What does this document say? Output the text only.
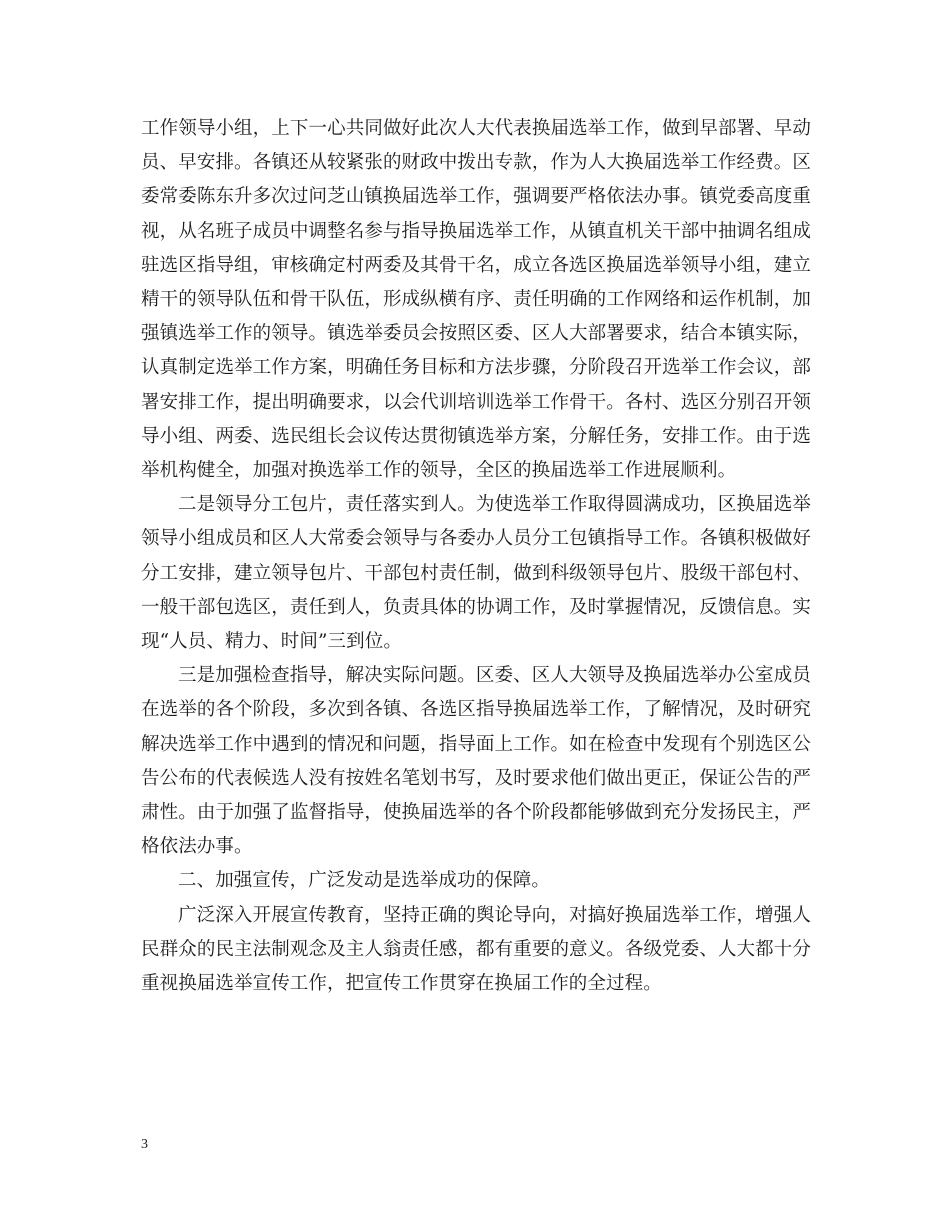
工作领导小组，上下一心共同做好此次人大代表换届选举工作，做到早部署、早动员、早安排。各镇还从较紧张的财政中拨出专款，作为人大换届选举工作经费。区委常委陈东升多次过问芝山镇换届选举工作，强调要严格依法办事。镇党委高度重视，从名班子成员中调整名参与指导换届选举工作，从镇直机关干部中抽调名组成驻选区指导组，审核确定村两委及其骨干名，成立各选区换届选举领导小组，建立精干的领导队伍和骨干队伍，形成纵横有序、责任明确的工作网络和运作机制，加强镇选举工作的领导。镇选举委员会按照区委、区人大部署要求，结合本镇实际，认真制定选举工作方案，明确任务目标和方法步骤，分阶段召开选举工作会议，部署安排工作，提出明确要求，以会代训培训选举工作骨干。各村、选区分别召开领导小组、两委、选民组长会议传达贯彻镇选举方案，分解任务，安排工作。由于选举机构健全，加强对换选举工作的领导，全区的换届选举工作进展顺利。

二是领导分工包片，责任落实到人。为使选举工作取得圆满成功，区换届选举领导小组成员和区人大常委会领导与各委办人员分工包镇指导工作。各镇积极做好分工安排，建立领导包片、干部包村责任制，做到科级领导包片、股级干部包村、一般干部包选区，责任到人，负责具体的协调工作，及时掌握情况，反馈信息。实现“人员、精力、时间”三到位。

三是加强检查指导，解决实际问题。区委、区人大领导及换届选举办公室成员在选举的各个阶段，多次到各镇、各选区指导换届选举工作，了解情况，及时研究解决选举工作中遇到的情况和问题，指导面上工作。如在检查中发现有个别选区公告公布的代表候选人没有按姓名笔划书写，及时要求他们做出更正，保证公告的严肃性。由于加强了监督指导，使换届选举的各个阶段都能够做到充分发扬民主，严格依法办事。

二、加强宣传，广泛发动是选举成功的保障。

广泛深入开展宣传教育，坚持正确的舆论导向，对搞好换届选举工作，增强人民群众的民主法制观念及主人翁责任感，都有重要的意义。各级党委、人大都十分重视换届选举宣传工作，把宣传工作贯穿在换届工作的全过程。

3
